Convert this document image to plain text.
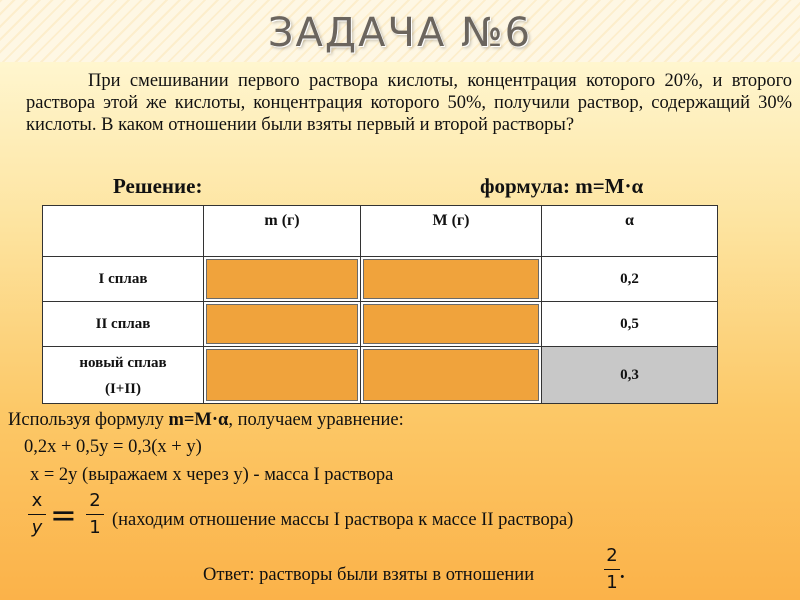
ЗАДАЧА №6
При смешивании первого раствора кислоты, концентрация которого 20%, и второго раствора этой же кислоты, концентрация которого 50%, получили раствор, содержащий 30% кислоты. В каком отношении были взяты первый и второй растворы?
Решение:	формула: m=M·α
	m (г)	M (г)	α
I сплав			0,2
II сплав			0,5
новый сплав
(I+II)			0,3
Используя формулу m=M·α, получаем уравнение:
0,2x + 0,5y = 0,3(x + y)
x = 2y (выражаем x через y) - масса I раствора
x
y = 2
1 (находим отношение массы I раствора к массе II раствора)
Ответ: растворы были взяты в отношении
2
1 .
